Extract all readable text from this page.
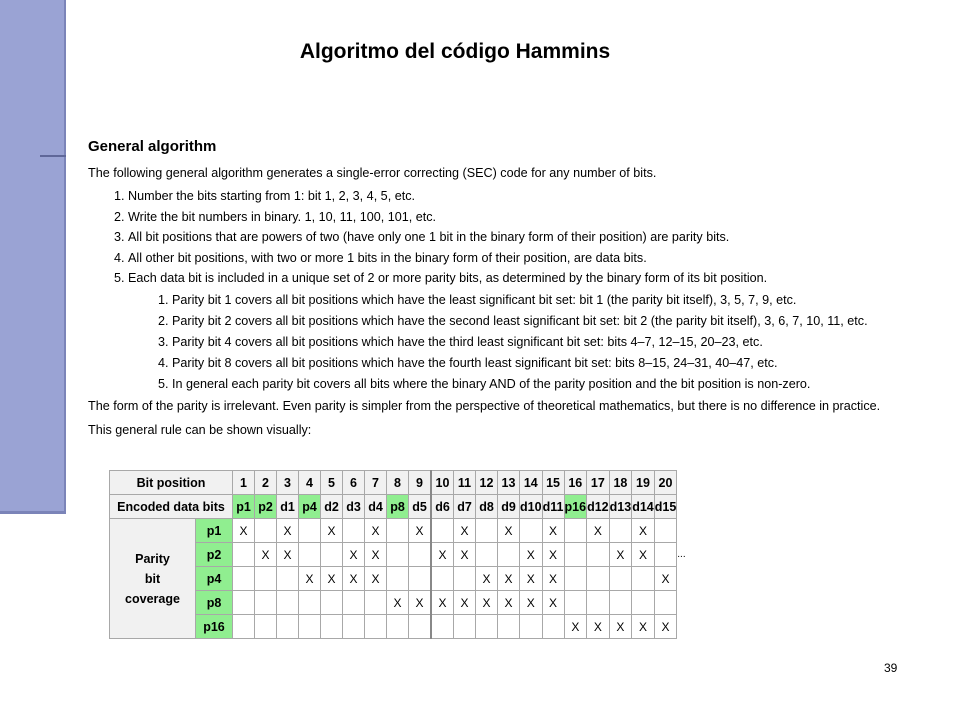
Algoritmo del código Hammins

General algorithm

The following general algorithm generates a single-error correcting (SEC) code for any number of bits.

1. Number the bits starting from 1: bit 1, 2, 3, 4, 5, etc.
2. Write the bit numbers in binary. 1, 10, 11, 100, 101, etc.
3. All bit positions that are powers of two (have only one 1 bit in the binary form of their position) are parity bits.
4. All other bit positions, with two or more 1 bits in the binary form of their position, are data bits.
5. Each data bit is included in a unique set of 2 or more parity bits, as determined by the binary form of its bit position.
1. Parity bit 1 covers all bit positions which have the least significant bit set: bit 1 (the parity bit itself), 3, 5, 7, 9, etc.
2. Parity bit 2 covers all bit positions which have the second least significant bit set: bit 2 (the parity bit itself), 3, 6, 7, 10, 11, etc.
3. Parity bit 4 covers all bit positions which have the third least significant bit set: bits 4–7, 12–15, 20–23, etc.
4. Parity bit 8 covers all bit positions which have the fourth least significant bit set: bits 8–15, 24–31, 40–47, etc.
5. In general each parity bit covers all bits where the binary AND of the parity position and the bit position is non-zero.

The form of the parity is irrelevant. Even parity is simpler from the perspective of theoretical mathematics, but there is no difference in practice.

This general rule can be shown visually:

Bit position		1	2	3	4	5	6	7	8	9	10	11	12	13	14	15	16	17	18	19	20	
Encoded data bits		p1	p2	d1	p4	d2	d3	d4	p8	d5	d6	d7	d8	d9	d10	d11	p16	d12	d13	d14	d15	

Parity
bit
coverage	p1	X		X		X		X		X		X		X		X		X		X		
	p2		X	X			X	X			X	X			X	X			X	X		...
	p4				X	X	X	X					X	X	X	X					X	
	p8								X	X	X	X	X	X	X	X						
	p16																X	X	X	X	X	
39
